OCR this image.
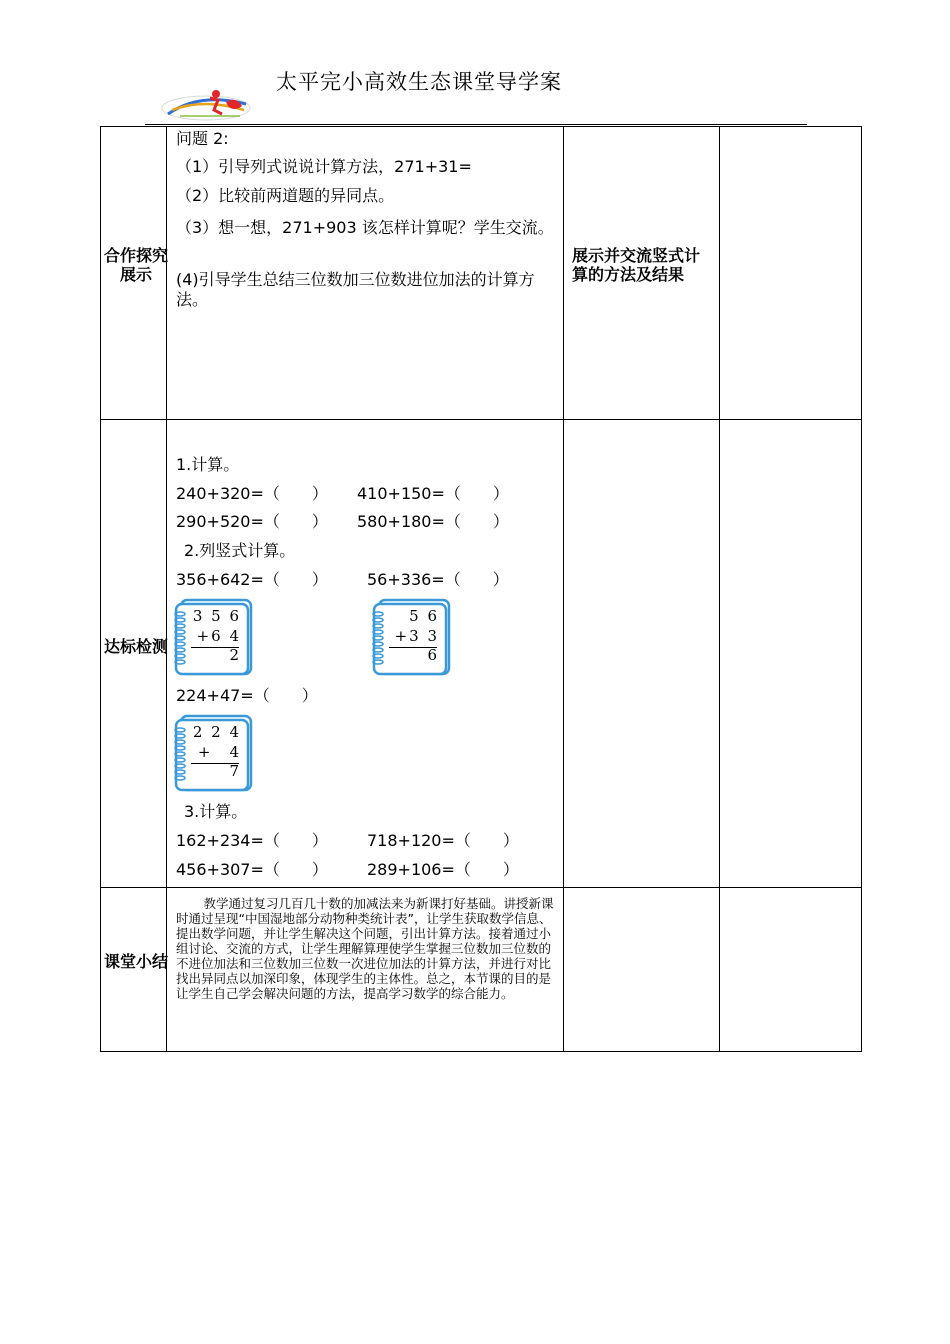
太平完小高效生态课堂导学案
合作探究展示
问题 2:
（1）引导列式说说计算方法，271+31=
（2）比较前两道题的异同点。
（3）想一想，271+903 该怎样计算呢？学生交流。
(4)引导学生总结三位数加三位数进位加法的计算方法。
展示并交流竖式计算的方法及结果
达标检测
1.计算。
240+320=（　　） 410+150=（　　）
290+520=（　　） 580+180=（　　）
2.列竖式计算。
356+642=（　　） 56+336=（　　）
3 5 6
+6 4 2
5 6
+3 3 6
224+47=（　　）
2 2 4
+　4 7
3.计算。
162+234=（　　） 718+120=（　　）
456+307=（　　） 289+106=（　　）
课堂小结
教学通过复习几百几十数的加减法来为新课打好基础。讲授新课时通过呈现“中国湿地部分动物种类统计表”，让学生获取数学信息、提出数学问题，并让学生解决这个问题，引出计算方法。接着通过小组讨论、交流的方式，让学生理解算理使学生掌握三位数加三位数的不进位加法和三位数加三位数一次进位加法的计算方法，并进行对比找出异同点以加深印象，体现学生的主体性。总之，本节课的目的是让学生自己学会解决问题的方法，提高学习数学的综合能力。
